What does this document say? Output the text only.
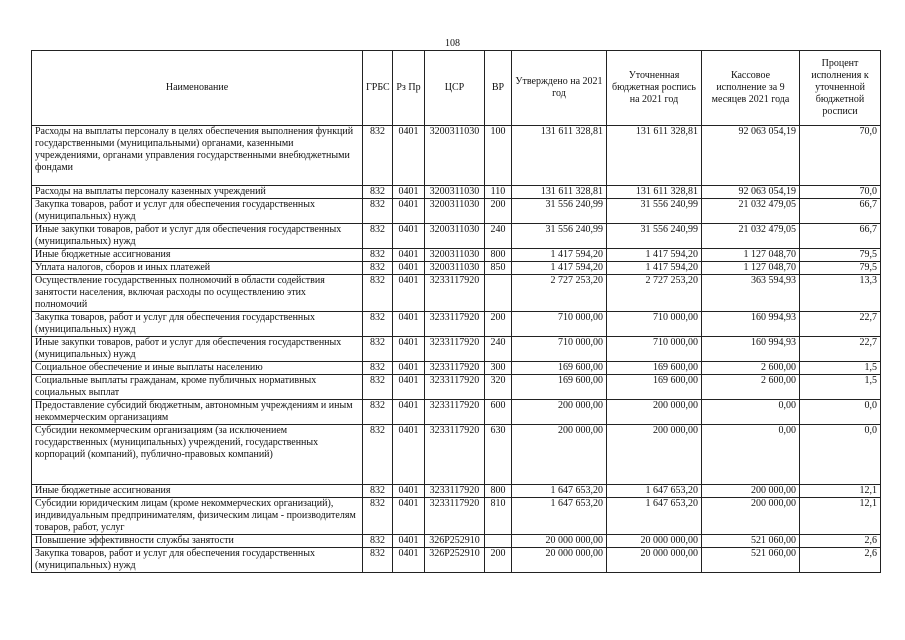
108
Наименование	ГРБС	Рз Пр	ЦСР	ВР	Утверждено на 2021 год	Уточненная бюджетная роспись на 2021 год	Кассовое исполнение за 9 месяцев 2021 года	Процент исполнения к уточненной бюджетной росписи
Расходы на выплаты персоналу в целях обеспечения выполнения функций государственными (муниципальными) органами, казенными учреждениями, органами управления государственными внебюджетными фондами	832	0401	3200311030	100	131 611 328,81	131 611 328,81	92 063 054,19	70,0
Расходы на выплаты персоналу казенных учреждений	832	0401	3200311030	110	131 611 328,81	131 611 328,81	92 063 054,19	70,0
Закупка товаров, работ и услуг для обеспечения государственных (муниципальных) нужд	832	0401	3200311030	200	31 556 240,99	31 556 240,99	21 032 479,05	66,7
Иные закупки товаров, работ и услуг для обеспечения государственных (муниципальных) нужд	832	0401	3200311030	240	31 556 240,99	31 556 240,99	21 032 479,05	66,7
Иные бюджетные ассигнования	832	0401	3200311030	800	1 417 594,20	1 417 594,20	1 127 048,70	79,5
Уплата налогов, сборов и иных платежей	832	0401	3200311030	850	1 417 594,20	1 417 594,20	1 127 048,70	79,5
Осуществление государственных полномочий в области содействия занятости населения, включая расходы по осуществлению этих полномочий	832	0401	3233117920		2 727 253,20	2 727 253,20	363 594,93	13,3
Закупка товаров, работ и услуг для обеспечения государственных (муниципальных) нужд	832	0401	3233117920	200	710 000,00	710 000,00	160 994,93	22,7
Иные закупки товаров, работ и услуг для обеспечения государственных (муниципальных) нужд	832	0401	3233117920	240	710 000,00	710 000,00	160 994,93	22,7
Социальное обеспечение и иные выплаты населению	832	0401	3233117920	300	169 600,00	169 600,00	2 600,00	1,5
Социальные выплаты гражданам, кроме публичных нормативных социальных выплат	832	0401	3233117920	320	169 600,00	169 600,00	2 600,00	1,5
Предоставление субсидий бюджетным, автономным учреждениям и иным некоммерческим организациям	832	0401	3233117920	600	200 000,00	200 000,00	0,00	0,0
Субсидии некоммерческим организациям (за исключением государственных (муниципальных) учреждений, государственных корпораций (компаний), публично-правовых компаний)	832	0401	3233117920	630	200 000,00	200 000,00	0,00	0,0
Иные бюджетные ассигнования	832	0401	3233117920	800	1 647 653,20	1 647 653,20	200 000,00	12,1
Субсидии юридическим лицам (кроме некоммерческих организаций), индивидуальным предпринимателям, физическим лицам - производителям товаров, работ, услуг	832	0401	3233117920	810	1 647 653,20	1 647 653,20	200 000,00	12,1
Повышение эффективности службы занятости	832	0401	326P252910		20 000 000,00	20 000 000,00	521 060,00	2,6
Закупка товаров, работ и услуг для обеспечения государственных (муниципальных) нужд	832	0401	326P252910	200	20 000 000,00	20 000 000,00	521 060,00	2,6
